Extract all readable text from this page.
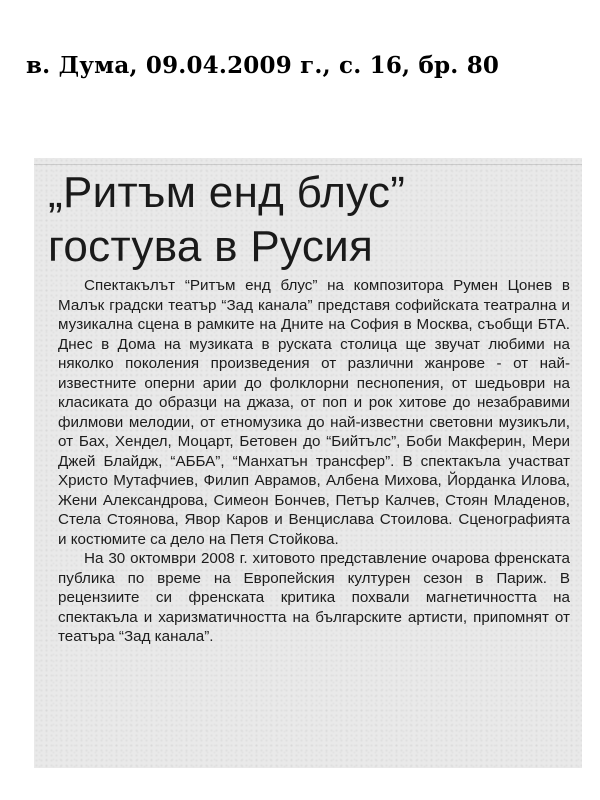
в. Дума, 09.04.2009 г., с. 16, бр. 80
„Ритъм енд блус”
гостува в Русия

Спектакълът “Ритъм енд блус” на композитора Румен Цонев в Малък градски театър “Зад канала” представя софийската театрална и музикална сцена в рамките на Дните на София в Москва, съобщи БТА. Днес в Дома на музиката в руската столица ще звучат любими на няколко поколения произведения от различни жанрове - от най-известните оперни арии до фолклорни песнопения, от шедьоври на класиката до образци на джаза, от поп и рок хитове до незабравими филмови мелодии, от етномузика до най-известни световни музикъли, от Бах, Хендел, Моцарт, Бетовен до “Бийтълс”, Боби Макферин, Мери Джей Блайдж, “АББА”, “Манхатън трансфер”. В спектакъла участват Христо Мутафчиев, Филип Аврамов, Албена Михова, Йорданка Илова, Жени Александрова, Симеон Бончев, Петър Калчев, Стоян Младенов, Стела Стоянова, Явор Каров и Венцислава Стоилова. Сценографията и костюмите са дело на Петя Стойкова.

На 30 октомври 2008 г. хитовото представление очарова френската публика по време на Европейския културен сезон в Париж. В рецензиите си френската критика похвали магнетичността на спектакъла и харизматичността на българските артисти, припомнят от театъра “Зад канала”.
